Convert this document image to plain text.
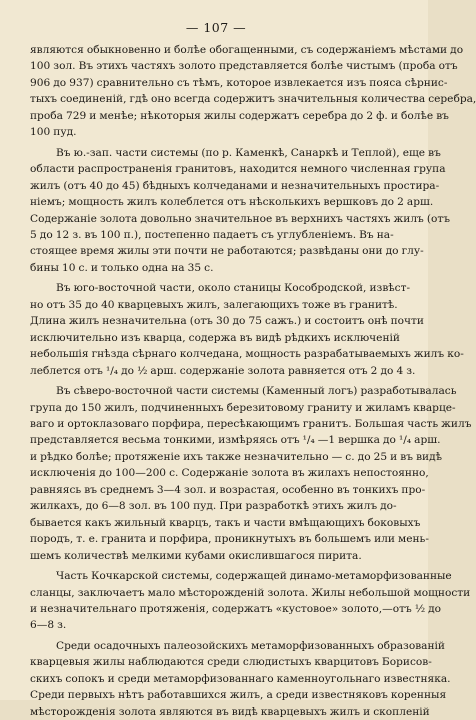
— 107 —
являются обыкновенно и болѣе обогащенными, съ содержаніемъ мѣстами до
100 зол. Въ этихъ частяхъ золото представляется болѣе чистымъ (проба отъ
906 до 937) сравнительно съ тѣмъ, которое извлекается изъ пояса сѣрнис-
тыхъ соединеній, гдѣ оно всегда содержитъ значительныя количества серебра,
проба 729 и менѣе; нѣкоторыя жилы содержатъ серебра до 2 ф. и болѣе въ
100 пуд.
Въ ю.-зап. части системы (по р. Каменкѣ, Санаркѣ и Теплой), еще въ
области распространенія гранитовъ, находится немного численная група
жилъ (отъ 40 до 45) бѣдныхъ колчеданами и незначительныхъ простира-
ніемъ; мощность жилъ колеблется отъ нѣсколькихъ вершковъ до 2 арш.
Содержаніе золота довольно значительное въ верхнихъ частяхъ жилъ (отъ
5 до 12 з. въ 100 п.), постепенно падаетъ съ углубленіемъ. Въ на-
стоящее время жилы эти почти не работаются; развѣданы они до глу-
бины 10 с. и только одна на 35 с.
Въ юго-восточной части, около станицы Кособродской, извѣст-
но отъ 35 до 40 кварцевыхъ жилъ, залегающихъ тоже въ гранитѣ.
Длина жилъ незначительна (отъ 30 до 75 сажъ.) и состоитъ онѣ почти
исключительно изъ кварца, содержа въ видѣ рѣдкихъ исключеній
небольшія гнѣзда сѣрнаго колчедана, мощность разрабатываемыхъ жилъ ко-
леблется отъ ¹/₄ до ½ арш. содержаніе золота равняется отъ 2 до 4 з.
Въ сѣверо-восточной части системы (Каменный логъ) разработывалась
група до 150 жилъ, подчиненныхъ березитовому граниту и жиламъ кварце-
ваго и ортоклазоваго порфира, пересѣкающимъ гранитъ. Большая часть жилъ
представляется весьма тонкими, измѣряясь отъ ¹/₄ —1 вершка до ¹/₄ арш.
и рѣдко болѣе; протяженіе ихъ также незначительно — с. до 25 и въ видѣ
исключенія до 100—200 с. Содержаніе золота въ жилахъ непостоянно,
равняясь въ среднемъ 3—4 зол. и возрастая, особенно въ тонкихъ про-
жилкахъ, до 6—8 зол. въ 100 пуд. При разработкѣ этихъ жилъ до-
бывается какъ жильный кварцъ, такъ и части вмѣщающихъ боковыхъ
породъ, т. е. гранита и порфира, проникнутыхъ въ большемъ или мень-
шемъ количествѣ мелкими кубами окислившагося пирита.
Часть Кочкарской системы, содержащей динамо-метаморфизованные
сланцы, заключаетъ мало мѣсторожденій золота. Жилы небольшой мощности
и незначительнаго протяженія, содержатъ «кустовое» золото,—отъ ½ до
6—8 з.
Среди осадочныхъ палеозойскихъ метаморфизованныхъ образованій
кварцевыя жилы наблюдаются среди слюдистыхъ кварцитовъ Борисов-
скихъ сопокъ и среди метаморфизованнаго каменноугольнаго известняка.
Среди первыхъ нѣтъ работавшихся жилъ, а среди известняковъ коренныя
мѣсторожденія золота являются въ видѣ кварцевыхъ жилъ и скопленій
